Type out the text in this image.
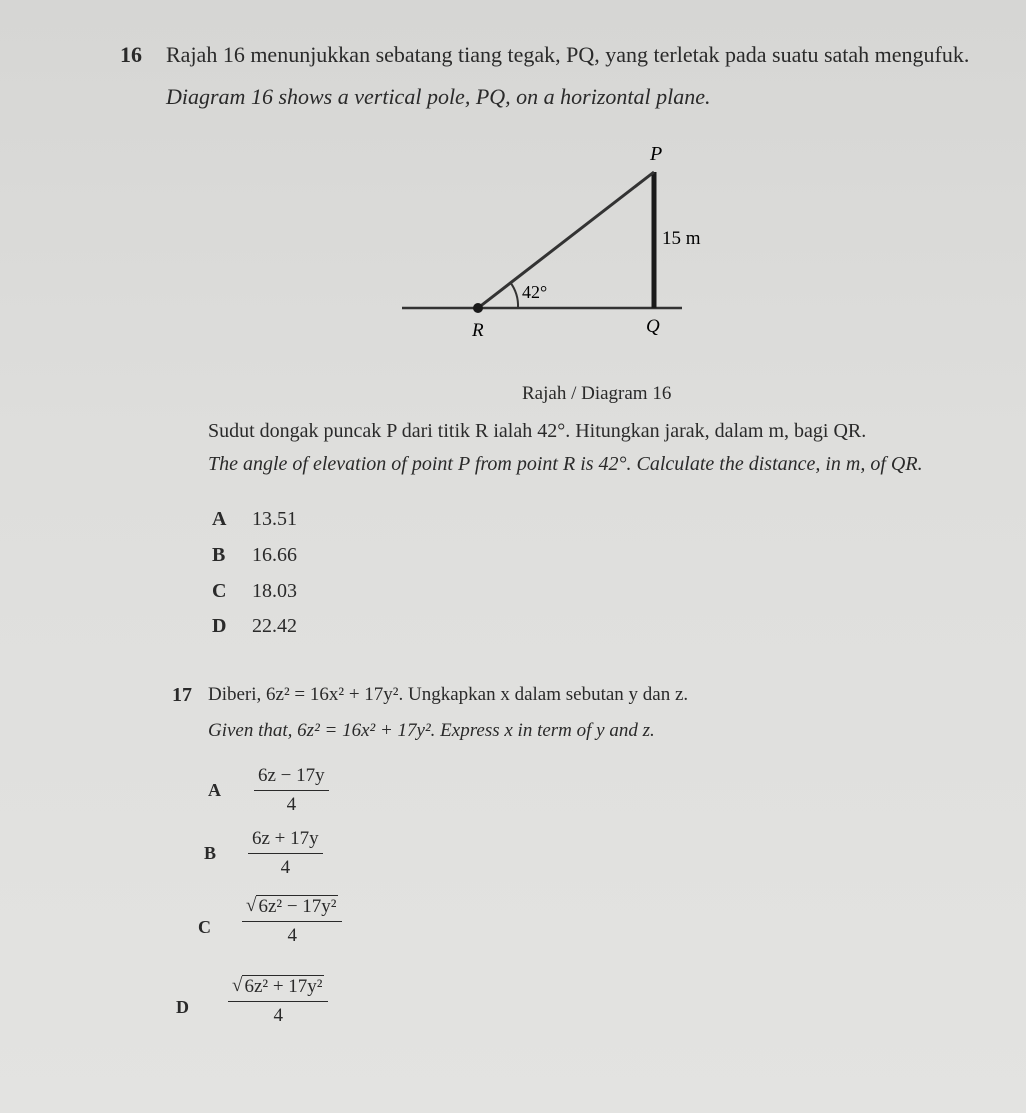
16 Rajah 16 menunjukkan sebatang tiang tegak, PQ, yang terletak pada suatu satah mengufuk.
Diagram 16 shows a vertical pole, PQ, on a horizontal plane.
P
15 m
42°
R	Q
Rajah / Diagram 16
Sudut dongak puncak P dari titik R ialah 42°. Hitungkan jarak, dalam m, bagi QR.
The angle of elevation of point P from point R is 42°. Calculate the distance, in m, of QR.
A 13.51
B 16.66
C 18.03
D 22.42
17 Diberi, 6z² = 16x² + 17y². Ungkapkan x dalam sebutan y dan z.
Given that, 6z² = 16x² + 17y². Express x in term of y and z.
A $\frac{6z - 17y}{4}$
B $\frac{6z + 17y}{4}$
C $\frac{\text{√ 6z² − 17y²}}{4}$
D $\frac{\text{√ 6z² + 17y²}}{4}$
